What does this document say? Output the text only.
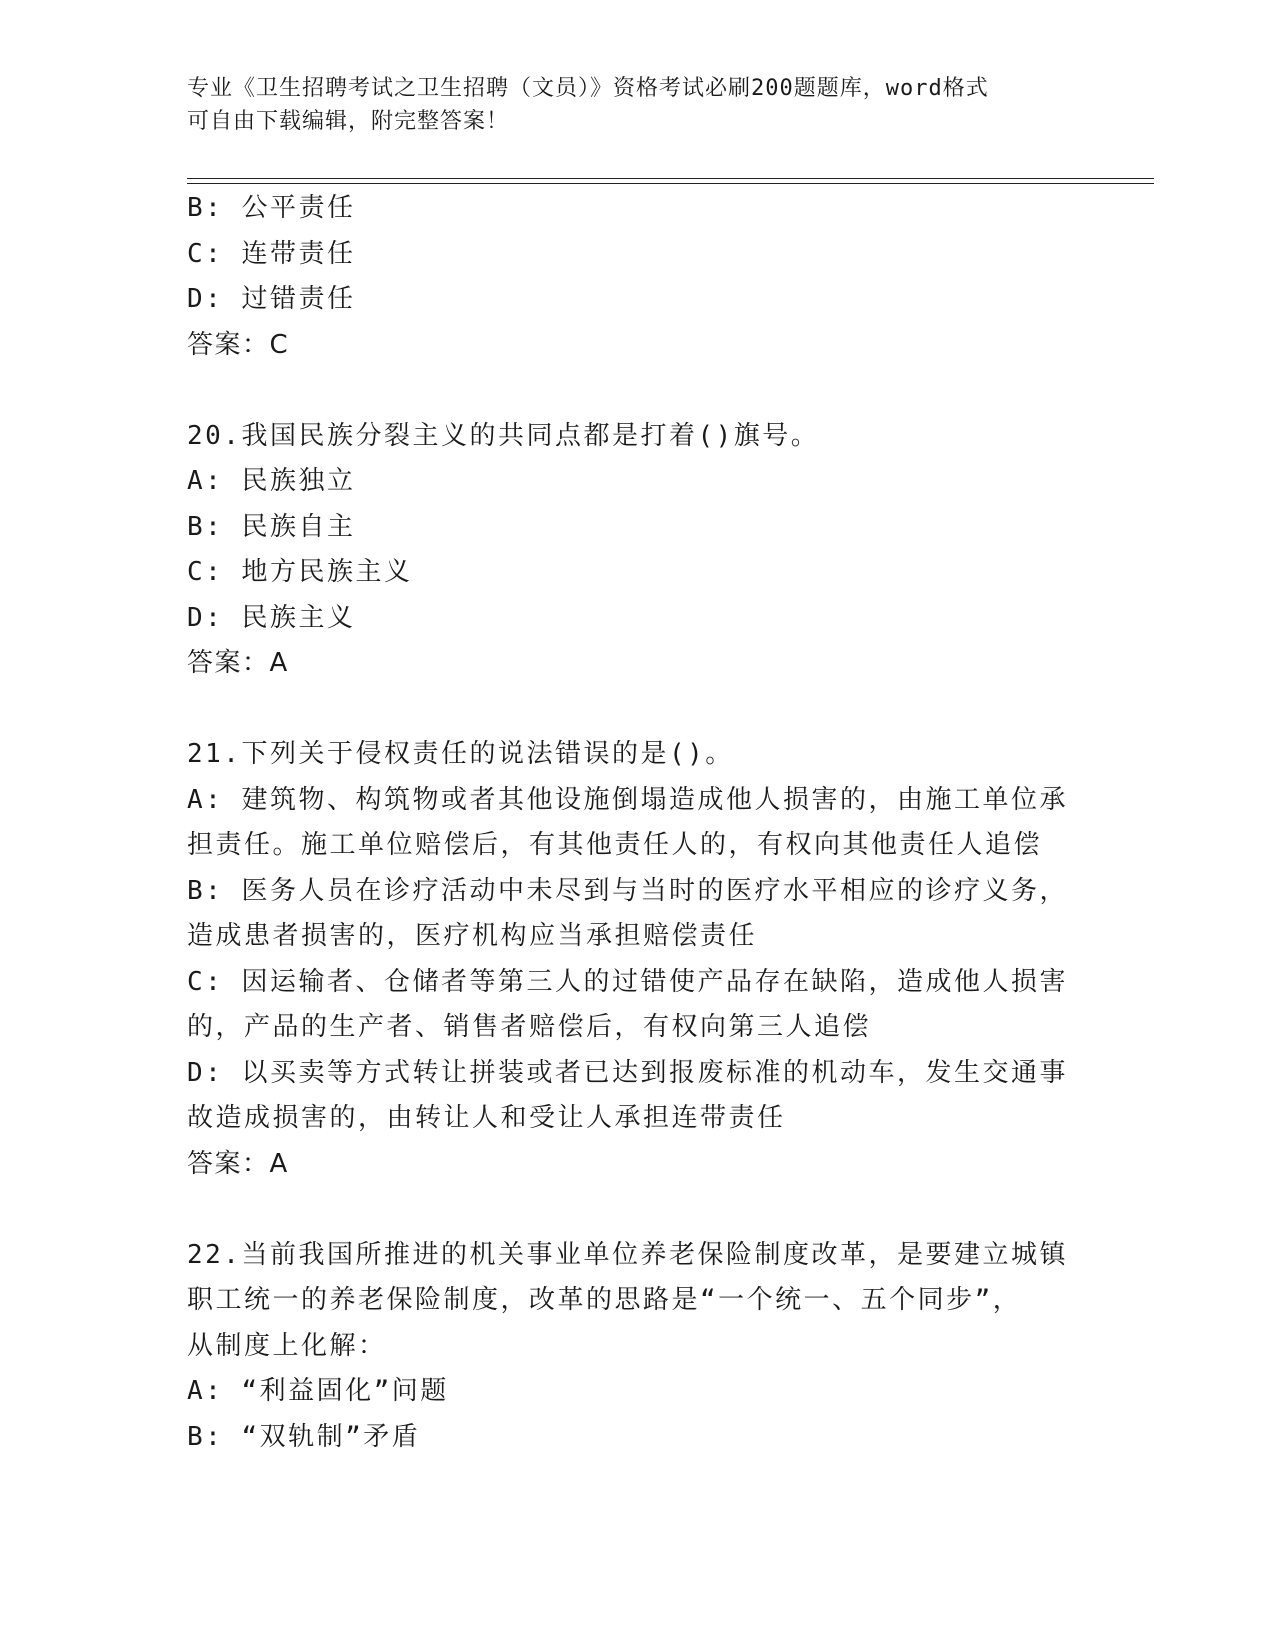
专业《卫生招聘考试之卫生招聘（文员）》资格考试必刷200题题库，word格式
可自由下载编辑，附完整答案！
B: 公平责任
C: 连带责任
D: 过错责任
答案：C
20.我国民族分裂主义的共同点都是打着()旗号。
A: 民族独立
B: 民族自主
C: 地方民族主义
D: 民族主义
答案：A
21.下列关于侵权责任的说法错误的是()。
A: 建筑物、构筑物或者其他设施倒塌造成他人损害的，由施工单位承
担责任。施工单位赔偿后，有其他责任人的，有权向其他责任人追偿
B: 医务人员在诊疗活动中未尽到与当时的医疗水平相应的诊疗义务，
造成患者损害的，医疗机构应当承担赔偿责任
C: 因运输者、仓储者等第三人的过错使产品存在缺陷，造成他人损害
的，产品的生产者、销售者赔偿后，有权向第三人追偿
D: 以买卖等方式转让拼装或者已达到报废标准的机动车，发生交通事
故造成损害的，由转让人和受让人承担连带责任
答案：A
22.当前我国所推进的机关事业单位养老保险制度改革，是要建立城镇
职工统一的养老保险制度，改革的思路是“一个统一、五个同步”，
从制度上化解：
A: “利益固化”问题
B: “双轨制”矛盾
